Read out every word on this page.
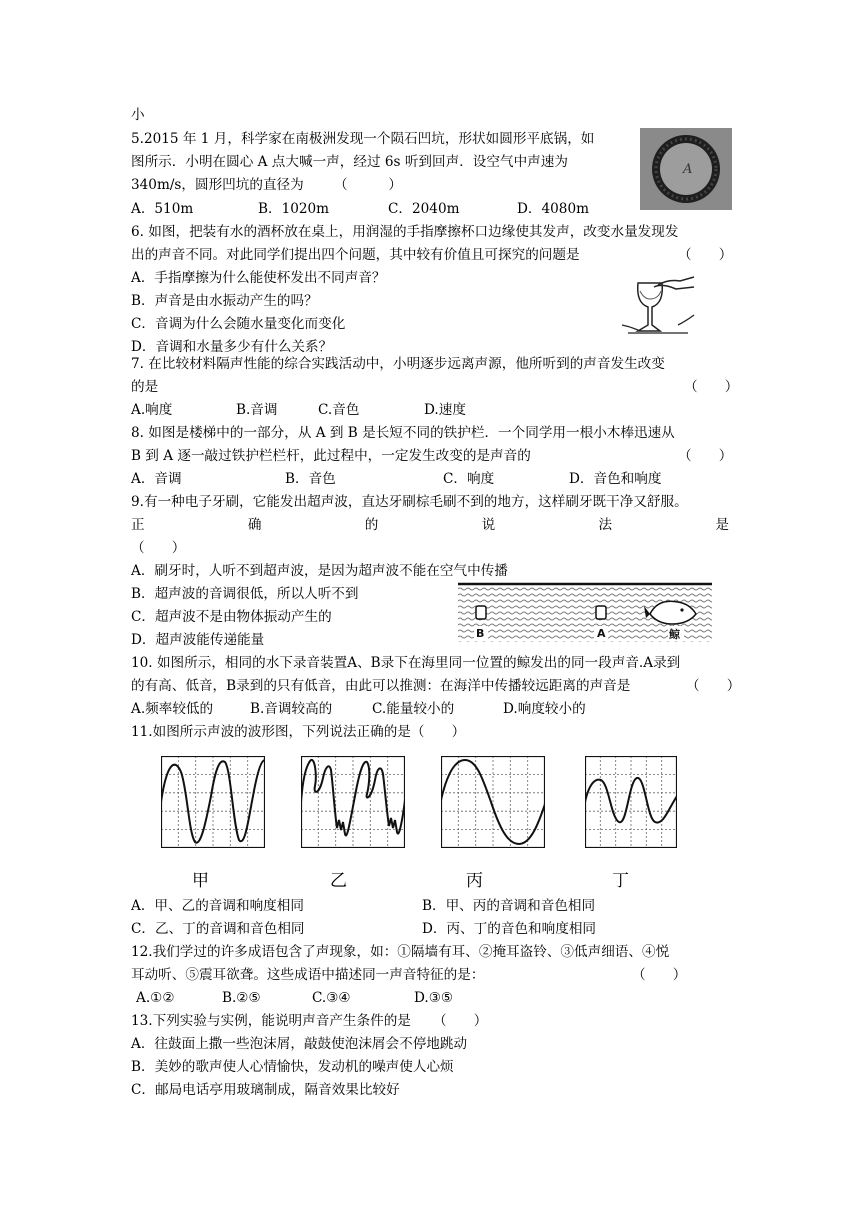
小
5.2015 年 1 月，科学家在南极洲发现一个陨石凹坑，形状如圆形平底锅，如
图所示．小明在圆心 A 点大喊一声，经过 6s 听到回声．设空气中声速为
340m/s，圆形凹坑的直径为 （　　　）
A．510m	B．1020m	C．2040m	D．4080m
A
6. 如图，把装有水的酒杯放在桌上，用润湿的手指摩擦杯口边缘使其发声，改变水量发现发
出的声音不同。对此同学们提出四个问题，其中较有价值且可探究的问题是	（　　）
A．手指摩擦为什么能使杯发出不同声音？
B．声音是由水振动产生的吗？
C．音调为什么会随水量变化而变化
D．音调和水量多少有什么关系？
7. 在比较材料隔声性能的综合实践活动中，小明逐步远离声源，他所听到的声音发生改变
的是	（　　）
A.响度	B.音调	C.音色	D.速度
8. 如图是楼梯中的一部分，从 A 到 B 是长短不同的铁护栏．一个同学用一根小木棒迅速从
B 到 A 逐一敲过铁护栏栏杆，此过程中，一定发生改变的是声音的	（　　）
A．音调	B．音色	C．响度	D．音色和响度
9.有一种电子牙刷，它能发出超声波，直达牙刷棕毛刷不到的地方，这样刷牙既干净又舒服。
正	确	的	说	法	是
（　　）
A．刷牙时，人听不到超声波，是因为超声波不能在空气中传播
B．超声波的音调很低，所以人听不到
C．超声波不是由物体振动产生的
D．超声波能传递能量	B	A	鲸
10. 如图所示，相同的水下录音装置A、B录下在海里同一位置的鲸发出的同一段声音.A录到
的有高、低音，B录到的只有低音，由此可以推测：在海洋中传播较远距离的声音是	（　　）
A.频率较低的	B.音调较高的	C.能量较小的	D.响度较小的
11.如图所示声波的波形图，下列说法正确的是（　　）
甲	乙	丙	丁
A．甲、乙的音调和响度相同	B．甲、丙的音调和音色相同
C．乙、丁的音调和音色相同	D．丙、丁的音色和响度相同
12.我们学过的许多成语包含了声现象，如：①隔墙有耳、②掩耳盗铃、③低声细语、④悦
耳动听、⑤震耳欲聋。这些成语中描述同一声音特征的是：	（　　）
A.①②	B.②⑤	C.③④	D.③⑤
13.下列实验与实例，能说明声音产生条件的是 （　　）
A．往鼓面上撒一些泡沫屑，敲鼓使泡沫屑会不停地跳动
B．美妙的歌声使人心情愉快，发动机的噪声使人心烦
C．邮局电话亭用玻璃制成，隔音效果比较好
